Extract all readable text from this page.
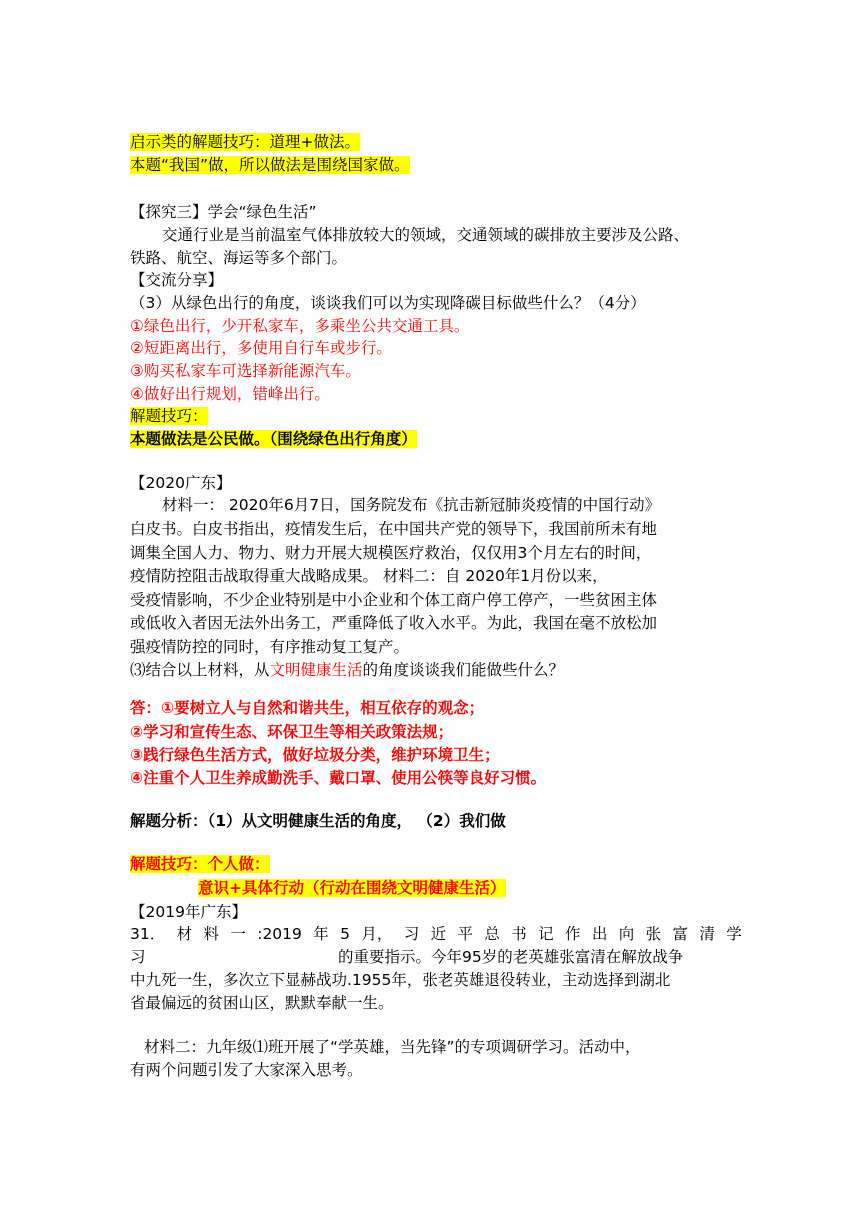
启示类的解题技巧：道理+做法。
本题“我国”做，所以做法是围绕国家做。
【探究三】学会“绿色生活”
交通行业是当前温室气体排放较大的领域，交通领域的碳排放主要涉及公路、
铁路、航空、海运等多个部门。
【交流分享】
（3）从绿色出行的角度，谈谈我们可以为实现降碳目标做些什么？（4分）
①绿色出行，少开私家车，多乘坐公共交通工具。
②短距离出行，多使用自行车或步行。
③购买私家车可选择新能源汽车。
④做好出行规划，错峰出行。
解题技巧：
本题做法是公民做。（围绕绿色出行角度）
【2020广东】
材料一： 2020年6月7日，国务院发布《抗击新冠肺炎疫情的中国行动》
白皮书。白皮书指出，疫情发生后，在中国共产党的领导下，我国前所未有地
调集全国人力、物力、财力开展大规模医疗救治，仅仅用3个月左右的时间，
疫情防控阻击战取得重大战略成果。 材料二：自 2020年1月份以来，
受疫情影响，不少企业特别是中小企业和个体工商户停工停产，一些贫困主体
或低收入者因无法外出务工，严重降低了收入水平。为此，我国在毫不放松加
强疫情防控的同时，有序推动复工复产。
⑶结合以上材料，从文明健康生活的角度谈谈我们能做些什么？
答：①要树立人与自然和谐共生，相互依存的观念；
②学习和宣传生态、环保卫生等相关政策法规；
③践行绿色生活方式，做好垃圾分类，维护环境卫生；
④注重个人卫生养成勤洗手、戴口罩、使用公筷等良好习惯。
解题分析：（1）从文明健康生活的角度， （2）我们做
解题技巧：个人做：
意识+具体行动（行动在围绕文明健康生活）
【2019年广东】
31． 材 料 一 :2019 年 5 月， 习 近 平 总 书 记 作 出 向 张 富 清 学
习	的重要指示。今年95岁的老英雄张富清在解放战争
中九死一生，多次立下显赫战功.1955年，张老英雄退役转业，主动选择到湖北
省最偏远的贫困山区，默默奉献一生。
材料二：九年级⑴班开展了“学英雄，当先锋”的专项调研学习。活动中，
有两个问题引发了大家深入思考。
